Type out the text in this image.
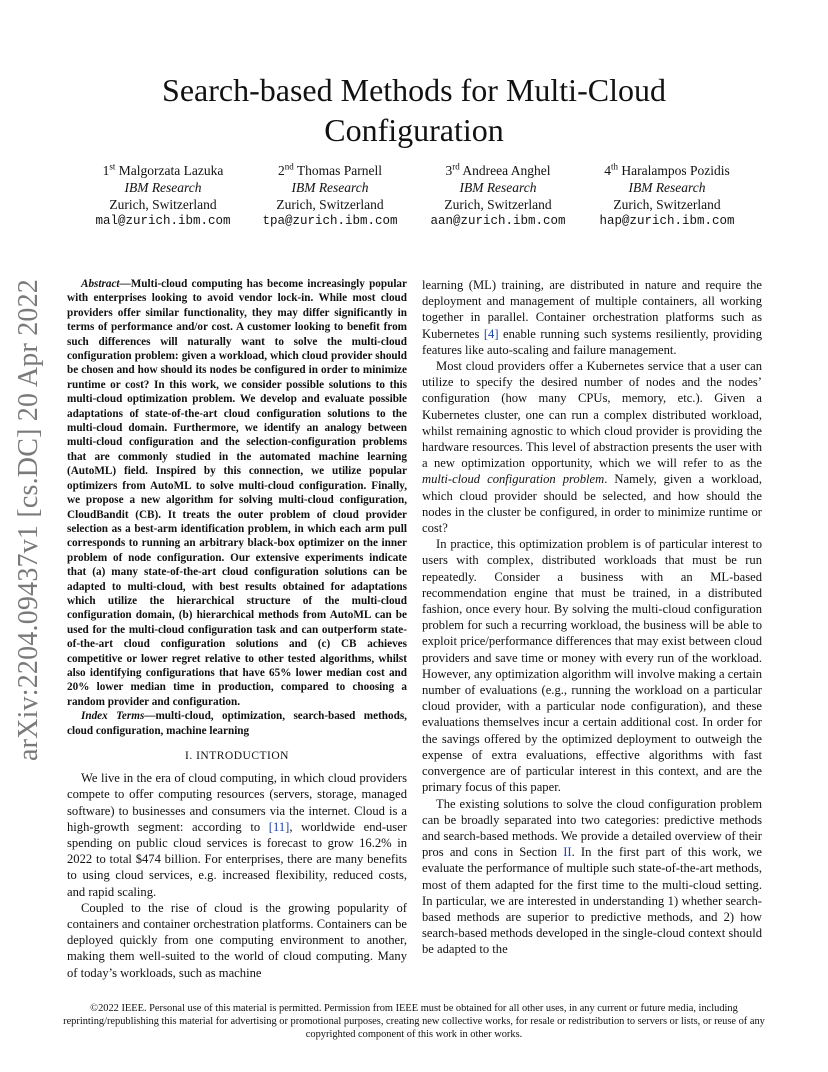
arXiv:2204.09437v1 [cs.DC] 20 Apr 2022
Search-based Methods for Multi-Cloud
Configuration
1st Malgorzata Lazuka
IBM Research
Zurich, Switzerland
mal@zurich.ibm.com
2nd Thomas Parnell
IBM Research
Zurich, Switzerland
tpa@zurich.ibm.com
3rd Andreea Anghel
IBM Research
Zurich, Switzerland
aan@zurich.ibm.com
4th Haralampos Pozidis
IBM Research
Zurich, Switzerland
hap@zurich.ibm.com

Abstract—Multi-cloud computing has become increasingly popular with enterprises looking to avoid vendor lock-in. While most cloud providers offer similar functionality, they may differ significantly in terms of performance and/or cost. A customer looking to benefit from such differences will naturally want to solve the multi-cloud configuration problem: given a workload, which cloud provider should be chosen and how should its nodes be configured in order to minimize runtime or cost? In this work, we consider possible solutions to this multi-cloud optimization problem. We develop and evaluate possible adaptations of state-of-the-art cloud configuration solutions to the multi-cloud domain. Furthermore, we identify an analogy between multi-cloud configuration and the selection-configuration problems that are commonly studied in the automated machine learning (AutoML) field. Inspired by this connection, we utilize popular optimizers from AutoML to solve multi-cloud configuration. Finally, we propose a new algorithm for solving multi-cloud configuration, CloudBandit (CB). It treats the outer problem of cloud provider selection as a best-arm identification problem, in which each arm pull corresponds to running an arbitrary black-box optimizer on the inner problem of node configuration. Our extensive experiments indicate that (a) many state-of-the-art cloud configuration solutions can be adapted to multi-cloud, with best results obtained for adaptations which utilize the hierarchical structure of the multi-cloud configuration domain, (b) hierarchical methods from AutoML can be used for the multi-cloud configuration task and can outperform state-of-the-art cloud configuration solutions and (c) CB achieves competitive or lower regret relative to other tested algorithms, whilst also identifying configurations that have 65% lower median cost and 20% lower median time in production, compared to choosing a random provider and configuration.

Index Terms—multi-cloud, optimization, search-based methods, cloud configuration, machine learning

I. INTRODUCTION

We live in the era of cloud computing, in which cloud providers compete to offer computing resources (servers, storage, managed software) to businesses and consumers via the internet. Cloud is a high-growth segment: according to [11], worldwide end-user spending on public cloud services is forecast to grow 16.2% in 2022 to total $474 billion. For enterprises, there are many benefits to using cloud services, e.g. increased flexibility, reduced costs, and rapid scaling.

Coupled to the rise of cloud is the growing popularity of containers and container orchestration platforms. Containers can be deployed quickly from one computing environment to another, making them well-suited to the world of cloud computing. Many of today’s workloads, such as machine

learning (ML) training, are distributed in nature and require the deployment and management of multiple containers, all working together in parallel. Container orchestration platforms such as Kubernetes [4] enable running such systems resiliently, providing features like auto-scaling and failure management.

Most cloud providers offer a Kubernetes service that a user can utilize to specify the desired number of nodes and the nodes’ configuration (how many CPUs, memory, etc.). Given a Kubernetes cluster, one can run a complex distributed workload, whilst remaining agnostic to which cloud provider is providing the hardware resources. This level of abstraction presents the user with a new optimization opportunity, which we will refer to as the multi-cloud configuration problem. Namely, given a workload, which cloud provider should be selected, and how should the nodes in the cluster be configured, in order to minimize runtime or cost?

In practice, this optimization problem is of particular interest to users with complex, distributed workloads that must be run repeatedly. Consider a business with an ML-based recommendation engine that must be trained, in a distributed fashion, once every hour. By solving the multi-cloud configuration problem for such a recurring workload, the business will be able to exploit price/performance differences that may exist between cloud providers and save time or money with every run of the workload. However, any optimization algorithm will involve making a certain number of evaluations (e.g., running the workload on a particular cloud provider, with a particular node configuration), and these evaluations themselves incur a certain additional cost. In order for the savings offered by the optimized deployment to outweigh the expense of extra evaluations, effective algorithms with fast convergence are of particular interest in this context, and are the primary focus of this paper.

The existing solutions to solve the cloud configuration problem can be broadly separated into two categories: predictive methods and search-based methods. We provide a detailed overview of their pros and cons in Section II. In the first part of this work, we evaluate the performance of multiple such state-of-the-art methods, most of them adapted for the first time to the multi-cloud setting. In particular, we are interested in understanding 1) whether search-based methods are superior to predictive methods, and 2) how search-based methods developed in the single-cloud context should be adapted to the

©2022 IEEE. Personal use of this material is permitted. Permission from IEEE must be obtained for all other uses, in any current or future media, including reprinting/republishing this material for advertising or promotional purposes, creating new collective works, for resale or redistribution to servers or lists, or reuse of any copyrighted component of this work in other works.
